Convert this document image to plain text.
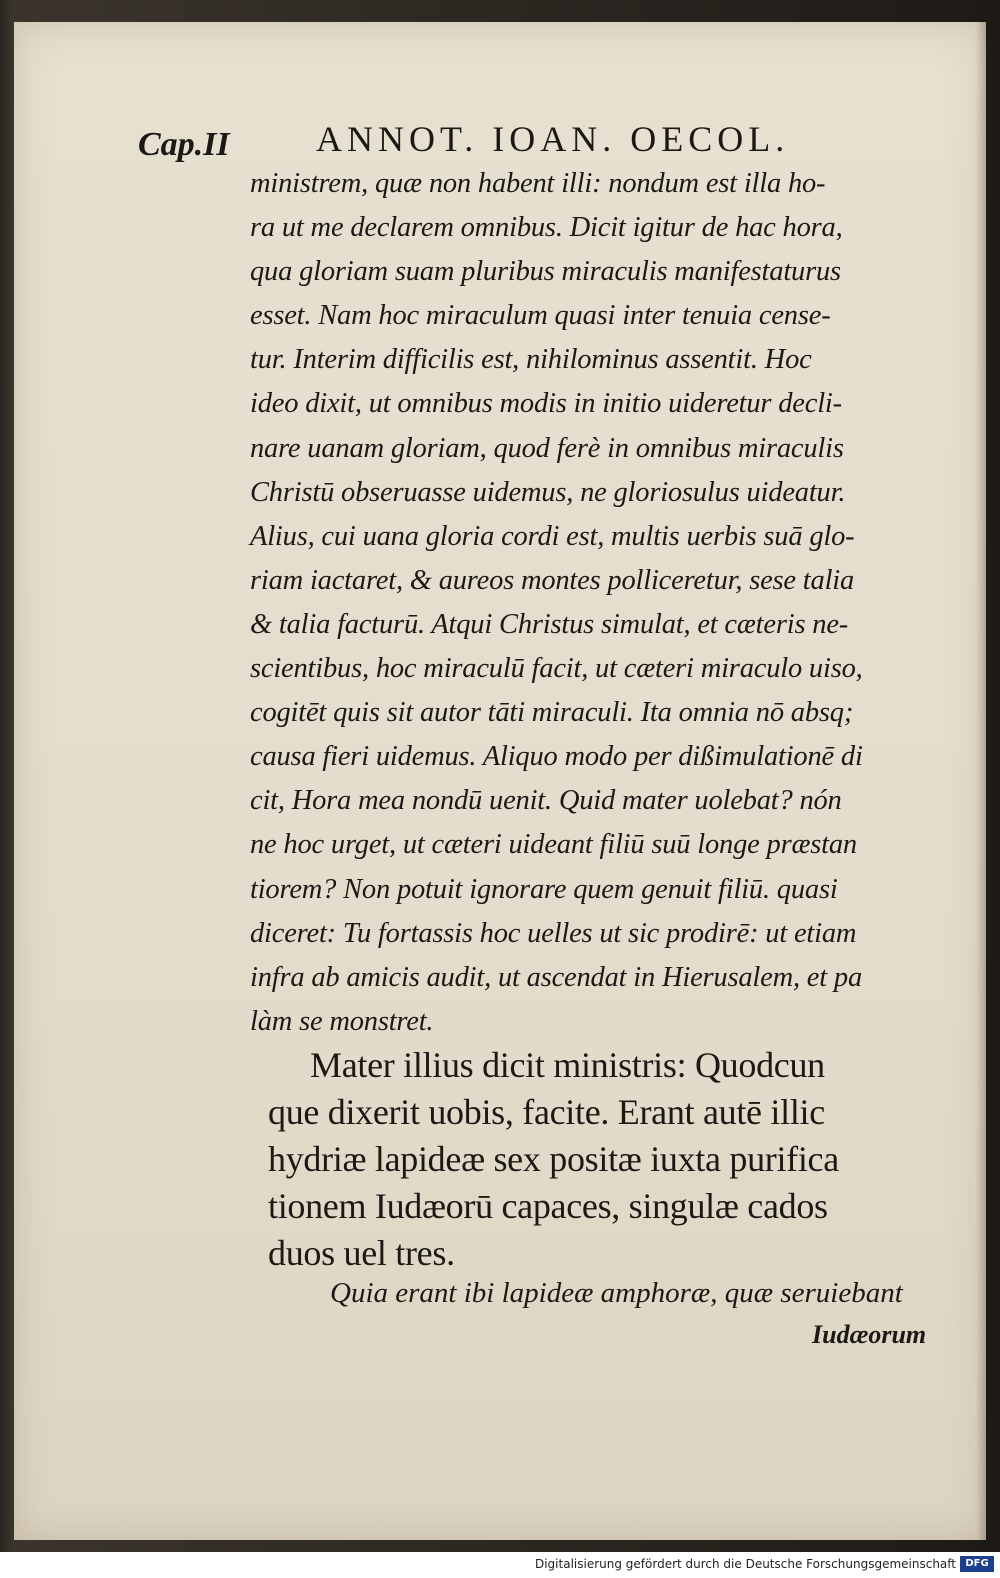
Cap.II ANNOT. IOAN. OECOL.
ministrem, quæ non habent illi: nondum est illa ho-
ra ut me declarem omnibus. Dicit igitur de hac hora,
qua gloriam suam pluribus miraculis manifestaturus
esset. Nam hoc miraculum quasi inter tenuia cense-
tur. Interim difficilis est, nihilominus assentit. Hoc
ideo dixit, ut omnibus modis in initio uideretur decli-
nare uanam gloriam, quod ferè in omnibus miraculis
Christū obseruasse uidemus, ne gloriosulus uideatur.
Alius, cui uana gloria cordi est, multis uerbis suā glo-
riam iactaret, & aureos montes polliceretur, sese talia
& talia facturū. Atqui Christus simulat, et cæteris ne-
scientibus, hoc miraculū facit, ut cæteri miraculo uiso,
cogitēt quis sit autor tāti miraculi. Ita omnia nō absq;
causa fieri uidemus. Aliquo modo per dißimulationē di
cit, Hora mea nondū uenit. Quid mater uolebat? nón
ne hoc urget, ut cæteri uideant filiū suū longe præstan
tiorem? Non potuit ignorare quem genuit filiū. quasi
diceret: Tu fortassis hoc uelles ut sic prodirē: ut etiam
infra ab amicis audit, ut ascendat in Hierusalem, et pa
làm se monstret.
Mater illius dicit ministris: Quodcun
que dixerit uobis, facite. Erant autē illic
hydriæ lapideæ sex positæ iuxta purifica
tionem Iudæorū capaces, singulæ cados
duos uel tres.
Quia erant ibi lapideæ amphoræ, quæ seruiebant
Iudæorum
Digitalisierung gefördert durch die Deutsche Forschungsgemeinschaft DFG
